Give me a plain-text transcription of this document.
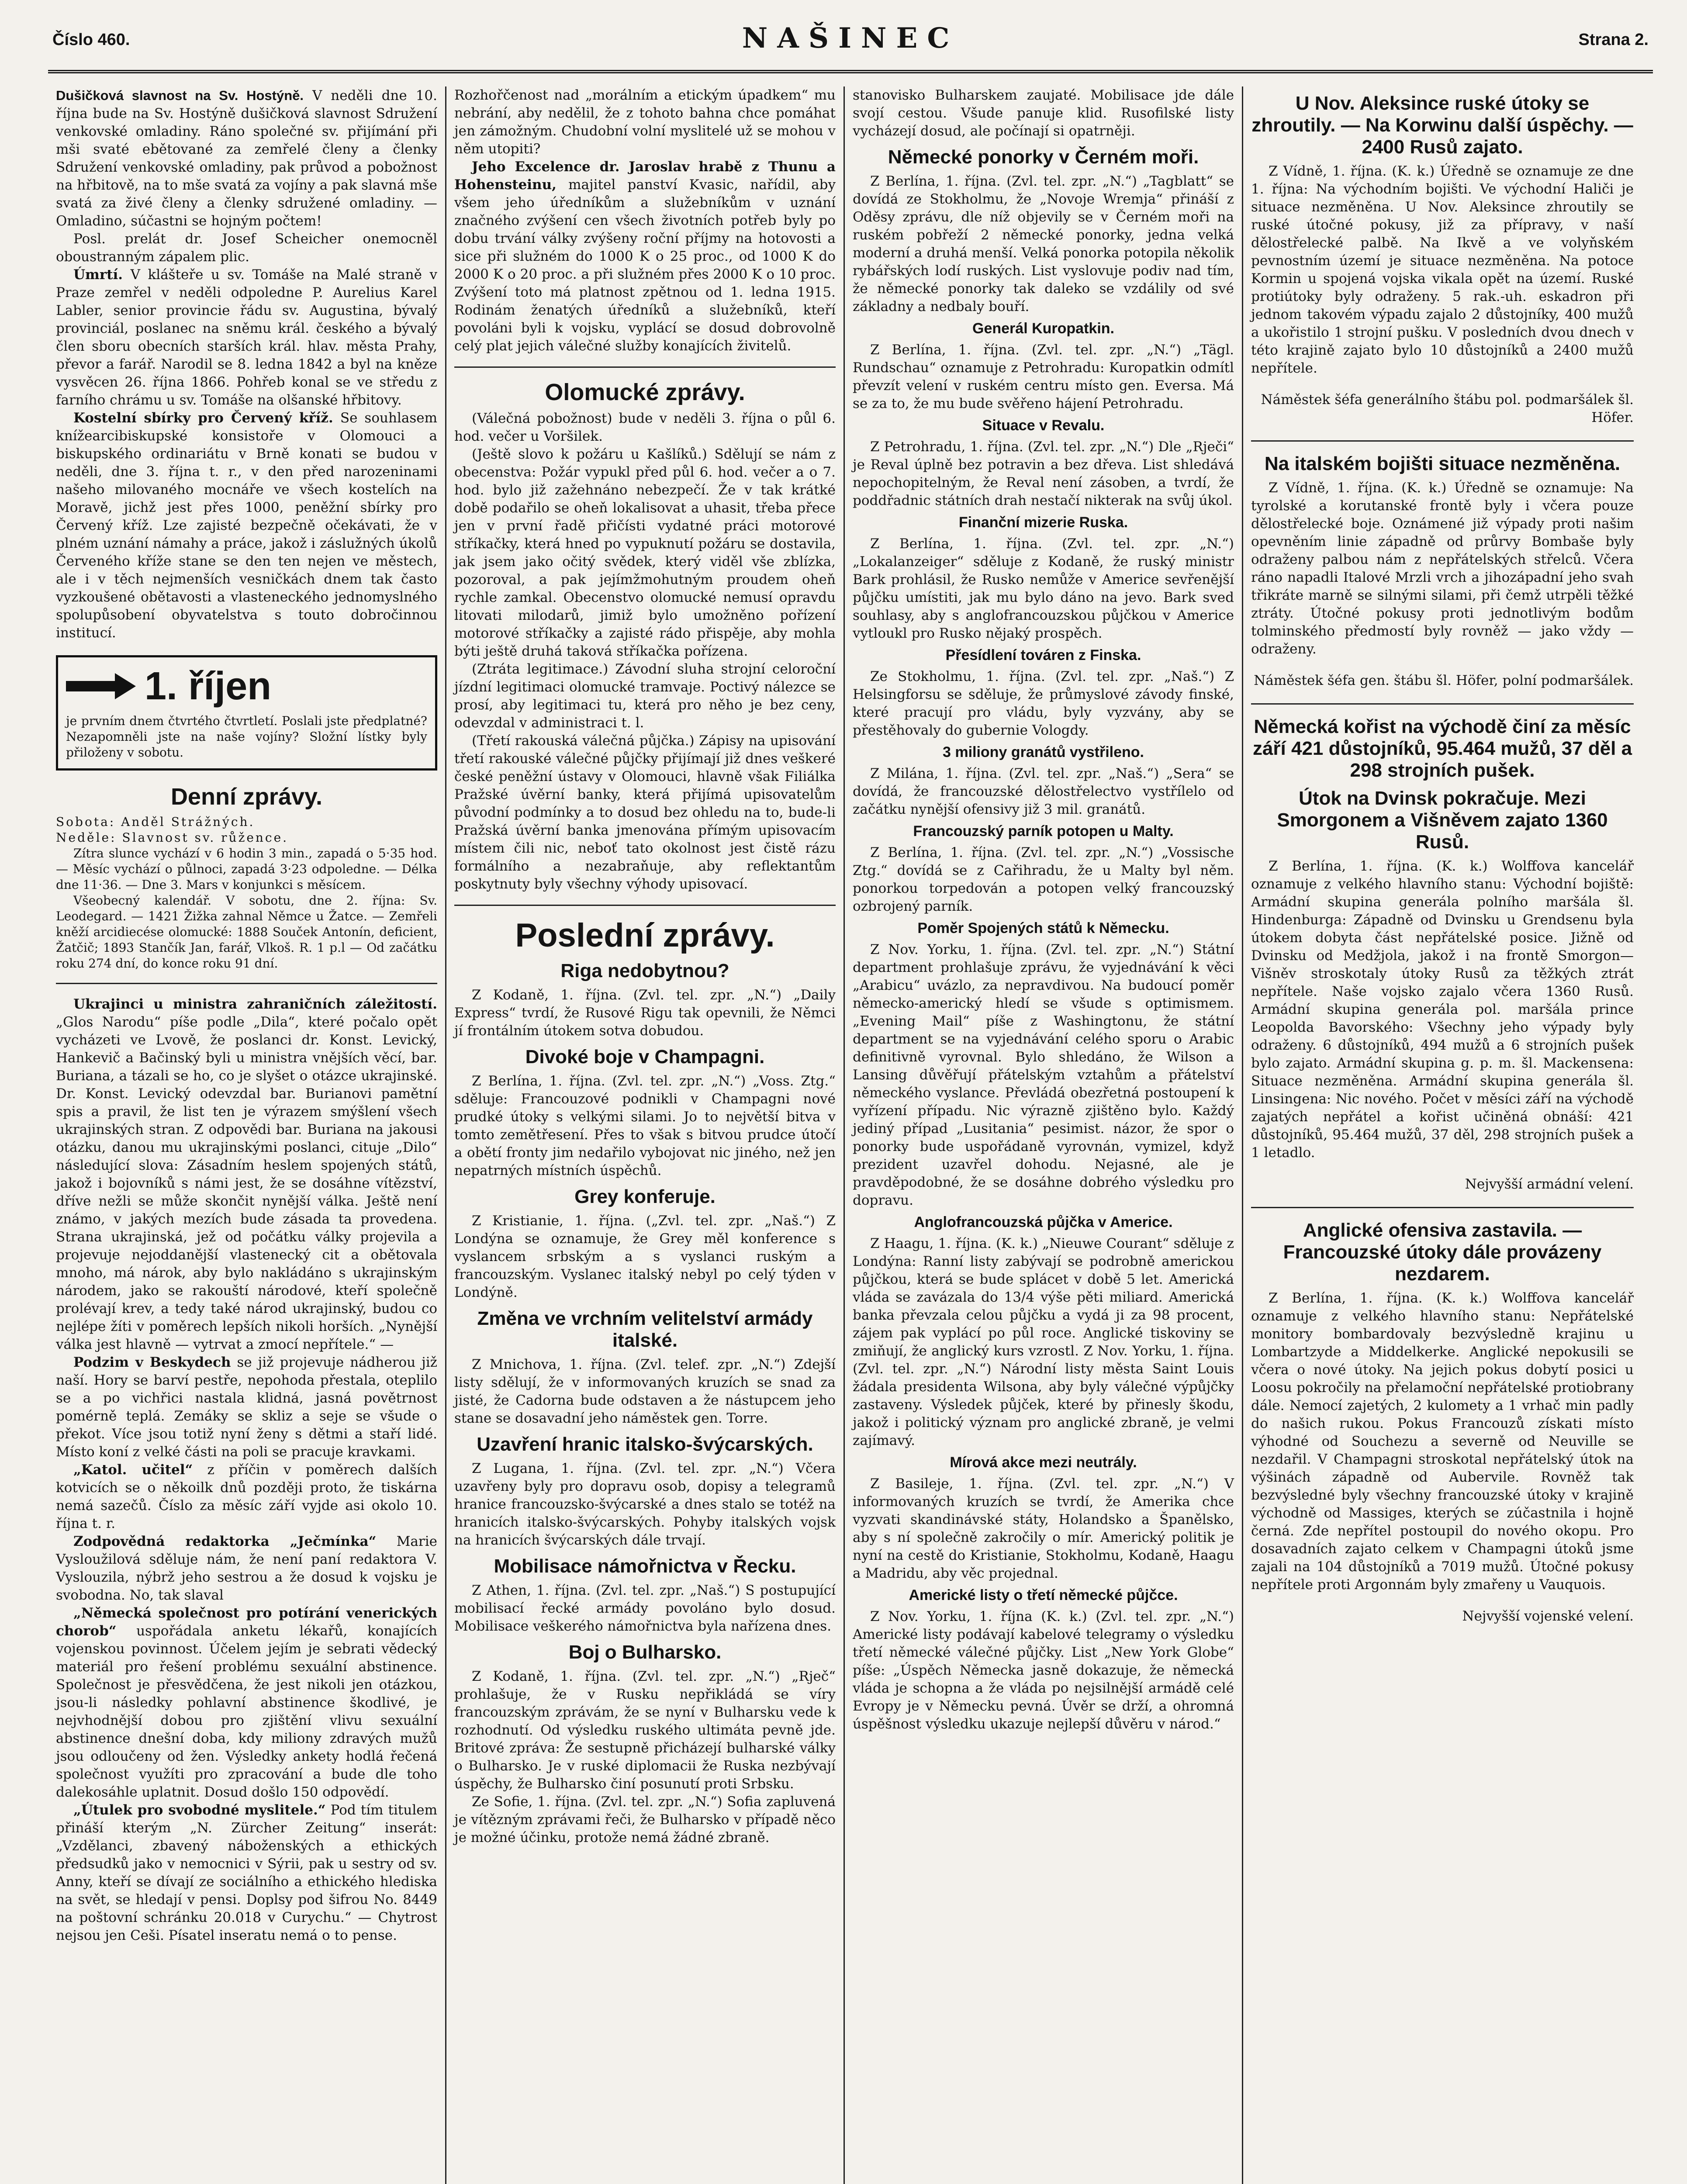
Číslo 460.	NAŠINEC	Strana 2.

Dušičková slavnost na Sv. Hostýně. V neděli dne 10. října bude na Sv. Hostýně dušičková slavnost Sdružení venkovské omladiny. Ráno společné sv. přijímání při mši svaté ebětované za zemřelé členy a členky Sdružení venkovské omladiny, pak průvod a pobožnost na hřbitově, na to mše svatá za vojíny a pak slavná mše svatá za živé členy a členky sdružené omladiny. — Omladino, súčastni se hojným počtem!

Posl. prelát dr. Josef Scheicher onemocněl oboustranným zápalem plic.

Úmrtí. V klášteře u sv. Tomáše na Malé straně v Praze zemřel v neděli odpoledne P. Aurelius Karel Labler, senior provincie řádu sv. Augustina, bývalý provinciál, poslanec na sněmu král. českého a bývalý člen sboru obecních starších král. hlav. města Prahy, převor a farář. Narodil se 8. ledna 1842 a byl na kněze vysvěcen 26. října 1866. Pohřeb konal se ve středu z farního chrámu u sv. Tomáše na olšanské hřbitovy.

Kostelní sbírky pro Červený kříž. Se souhlasem knížearcibiskupské konsistoře v Olomouci a biskupského ordinariátu v Brně konati se budou v neděli, dne 3. října t. r., v den před narozeninami našeho milovaného mocnáře ve všech kostelích na Moravě, jichž jest přes 1000, peněžní sbírky pro Červený kříž. Lze zajisté bezpečně očekávati, že v plném uznání námahy a práce, jakož i záslužných úkolů Červeného kříže stane se den ten nejen ve městech, ale i v těch nejmenších vesničkách dnem tak často vyzkoušené obětavosti a vlasteneckého jednomyslného spolupůsobení obyvatelstva s touto dobročinnou institucí.

1. říjen

je prvním dnem čtvrtého čtvrtletí. Poslali jste předplatné? Nezapomněli jste na naše vojíny? Složní lístky byly přiloženy v sobotu.

Denní zprávy.

Sobota: Anděl Strážných.

Neděle: Slavnost sv. růžence.

Zítra slunce vychází v 6 hodin 3 min., zapadá o 5·35 hod. — Měsíc vychází o půlnoci, zapadá 3·23 odpoledne. — Délka dne 11·36. — Dne 3. Mars v konjunkci s měsícem.

Všeobecný kalendář. V sobotu, dne 2. října: Sv. Leodegard. — 1421 Žižka zahnal Němce u Žatce. — Zemřeli kněží arcidiecése olomucké: 1888 Souček Antonín, deficient, Žatčič; 1893 Stančík Jan, farář, Vlkoš. R. 1 p.l — Od začátku roku 274 dní, do konce roku 91 dní.

Ukrajinci u ministra zahraničních záležitostí. „Glos Narodu“ píše podle „Dila“, které počalo opět vycházeti ve Lvově, že poslanci dr. Konst. Levický, Hankevič a Bačinský byli u ministra vnějších věcí, bar. Buriana, a tázali se ho, co je slyšet o otázce ukrajinské. Dr. Konst. Levický odevzdal bar. Burianovi pamětní spis a pravil, že list ten je výrazem smýšlení všech ukrajinských stran. Z odpovědi bar. Buriana na jakousi otázku, danou mu ukrajinskými poslanci, cituje „Dilo“ následující slova: Zásadním heslem spojených států, jakož i bojovníků s námi jest, že se dosáhne vítězství, dříve nežli se může skončit nynější válka. Ještě není známo, v jakých mezích bude zásada ta provedena. Strana ukrajinská, jež od počátku války projevila a projevuje nejoddanější vlastenecký cit a obětovala mnoho, má nárok, aby bylo nakládáno s ukrajinským národem, jako se rakouští národové, kteří společně prolévají krev, a tedy také národ ukrajinský, budou co nejlépe žíti v poměrech lepších nikoli horších. „Nynější válka jest hlavně — vytrvat a zmocí nepřítele.“ —

Podzim v Beskydech se již projevuje nádherou již naší. Hory se barví pestře, nepohoda přestala, oteplilo se a po vichřici nastala klidná, jasná povětrnost pomérně teplá. Zemáky se skliz a seje se všude o překot. Více jsou totiž nyní ženy s dětmi a staří lidé. Místo koní z velké části na poli se pracuje kravkami.

„Katol. učitel“ z příčin v poměrech dalších kotvicích se o někoilk dnů později proto, že tiskárna nemá sazečů. Číslo za měsíc září vyjde asi okolo 10. října t. r.

Zodpovědná redaktorka „Ječmínka“ Marie Vysloužilová sděluje nám, že není paní redaktora V. Vyslouzila, nýbrž jeho sestrou a že dosud k vojsku je svobodna. No, tak slaval

„Německá společnost pro potírání venerických chorob“ uspořádala anketu lékařů, konajících vojenskou povinnost. Účelem jejím je sebrati vědecký materiál pro řešení problému sexuální abstinence. Společnost je přesvědčena, že jest nikoli jen otázkou, jsou-li následky pohlavní abstinence škodlivé, je nejvhodnější dobou pro zjištění vlivu sexuální abstinence dnešní doba, kdy miliony zdravých mužů jsou odloučeny od žen. Výsledky ankety hodlá řečená společnost využíti pro zpracování a bude dle toho dalekosáhle uplatnit. Dosud došlo 150 odpovědí.

„Útulek pro svobodné myslitele.“ Pod tím titulem přináší kterým „N. Zürcher Zeitung“ inserát: „Vzdělanci, zbavený náboženských a ethických předsudků jako v nemocnici v Sýrii, pak u sestry od sv. Anny, kteří se dívají ze sociálního a ethického hlediska na svět, se hledají v pensi. Doplsy pod šifrou No. 8449 na poštovní schránku 20.018 v Curychu.“ — Chytrost nejsou jen Ceši. Písatel inseratu nemá o to pense.

Rozhořčenost nad „morálním a etickým úpadkem“ mu nebrání, aby nedělil, že z tohoto bahna chce pomáhat jen zámožným. Chudobní volní myslitelé už se mohou v něm utopiti?

Jeho Excelence dr. Jaroslav hrabě z Thunu a Hohensteinu, majitel panství Kvasic, nařídil, aby všem jeho úředníkům a služebníkům v uznání značného zvýšení cen všech životních potřeb byly po dobu trvání války zvýšeny roční příjmy na hotovosti a sice při služném do 1000 K o 25 proc., od 1000 K do 2000 K o 20 proc. a při služném přes 2000 K o 10 proc. Zvýšení toto má platnost zpětnou od 1. ledna 1915. Rodinám ženatých úředníků a služebníků, kteří povoláni byli k vojsku, vyplácí se dosud dobrovolně celý plat jejich válečné služby konajících živitelů.

Olomucké zprávy.

(Válečná pobožnost) bude v neděli 3. října o půl 6. hod. večer u Voršilek.

(Ještě slovo k požáru u Kašlíků.) Sdělují se nám z obecenstva: Požár vypukl před půl 6. hod. večer a o 7. hod. bylo již zažehnáno nebezpečí. Že v tak krátké době podařilo se oheň lokalisovat a uhasit, třeba přece jen v první řadě přičísti vydatné práci motorové stříkačky, která hned po vypuknutí požáru se dostavila, jak jsem jako očitý svědek, který viděl vše zblízka, pozoroval, a pak jejímžmohutným proudem oheň rychle zamkal. Obecenstvo olomucké nemusí opravdu litovati milodarů, jimiž bylo umožněno pořízení motorové stříkačky a zajisté rádo přispěje, aby mohla býti ještě druhá taková stříkačka pořízena.

(Ztráta legitimace.) Závodní sluha strojní celoroční jízdní legitimaci olomucké tramvaje. Poctivý nálezce se prosí, aby legitimaci tu, která pro něho je bez ceny, odevzdal v administraci t. l.

(Třetí rakouská válečná půjčka.) Zápisy na upisování třetí rakouské válečné půjčky přijímají již dnes veškeré české peněžní ústavy v Olomouci, hlavně však Filiálka Pražské úvěrní banky, která přijímá upisovatelům původní podmínky a to dosud bez ohledu na to, bude-li Pražská úvěrní banka jmenována přímým upisovacím místem čili nic, neboť tato okolnost jest čistě rázu formálního a nezabraňuje, aby reflektantům poskytnuty byly všechny výhody upisovací.

Poslední zprávy.
Riga nedobytnou?

Z Kodaně, 1. října. (Zvl. tel. zpr. „N.“) „Daily Express“ tvrdí, že Rusové Rigu tak opevnili, že Němci jí frontálním útokem sotva dobudou.

Divoké boje v Champagni.

Z Berlína, 1. října. (Zvl. tel. zpr. „N.“) „Voss. Ztg.“ sděluje: Francouzové podnikli v Champagni nové prudké útoky s velkými silami. Jo to největší bitva v tomto zemětřesení. Přes to však s bitvou prudce útočí a obětí fronty jim nedařilo vybojovat nic jiného, než jen nepatrných místních úspěchů.

Grey konferuje.

Z Kristianie, 1. října. („Zvl. tel. zpr. „Naš.“) Z Londýna se oznamuje, že Grey měl konference s vyslancem srbským a s vyslanci ruským a francouzským. Vyslanec italský nebyl po celý týden v Londýně.

Změna ve vrchním velitelství armády italské.

Z Mnichova, 1. října. (Zvl. telef. zpr. „N.“) Zdejší listy sdělují, že v informovaných kruzích se snad za jisté, že Cadorna bude odstaven a že nástupcem jeho stane se dosavadní jeho náměstek gen. Torre.

Uzavření hranic italsko-švýcarských.

Z Lugana, 1. října. (Zvl. tel. zpr. „N.“) Včera uzavřeny byly pro dopravu osob, dopisy a telegramů hranice francouzsko-švýcarské a dnes stalo se totéž na hranicích italsko-švýcarských. Pohyby italských vojsk na hranicích švýcarských dále trvají.

Mobilisace námořnictva v Řecku.

Z Athen, 1. října. (Zvl. tel. zpr. „Naš.“) S postupující mobilisací řecké armády povoláno bylo dosud. Mobilisace veškerého námořnictva byla nařízena dnes.

Boj o Bulharsko.

Z Kodaně, 1. října. (Zvl. tel. zpr. „N.“) „Rječ“ prohlašuje, že v Rusku nepřikládá se víry francouzským zprávám, že se nyní v Bulharsku vede k rozhodnutí. Od výsledku ruského ultimáta pevně jde. Britové zpráva: Že sestupně přicházejí bulharské války o Bulharsko. Je v ruské diplomacii že Ruska nezbývají úspěchy, že Bulharsko činí posunutí proti Srbsku.

Ze Sofie, 1. října. (Zvl. tel. zpr. „N.“) Sofia zapluvená je vítězným zprávami řeči, že Bulharsko v případě něco je možné účinku, protože nemá žádné zbraně.

stanovisko Bulharskem zaujaté. Mobilisace jde dále svojí cestou. Všude panuje klid. Rusofilské listy vycházejí dosud, ale počínají si opatrněji.

Německé ponorky v Černém moři.

Z Berlína, 1. října. (Zvl. tel. zpr. „N.“) „Tagblatt“ se dovídá ze Stokholmu, že „Novoje Wremja“ přináší z Oděsy zprávu, dle níž objevily se v Černém moři na ruském pobřeží 2 německé ponorky, jedna velká moderní a druhá menší. Velká ponorka potopila několik rybářských lodí ruských. List vyslovuje podiv nad tím, že německé ponorky tak daleko se vzdálily od své základny a nedbaly bouří.

Generál Kuropatkin.

Z Berlína, 1. října. (Zvl. tel. zpr. „N.“) „Tägl. Rundschau“ oznamuje z Petrohradu: Kuropatkin odmítl převzít velení v ruském centru místo gen. Eversa. Má se za to, že mu bude svěřeno hájení Petrohradu.

Situace v Revalu.

Z Petrohradu, 1. října. (Zvl. tel. zpr. „N.“) Dle „Rječi“ je Reval úplně bez potravin a bez dřeva. List shledává nepochopitelným, že Reval není zásoben, a tvrdí, že poddřadnic státních drah nestačí nikterak na svůj úkol.

Finanční mizerie Ruska.

Z Berlína, 1. října. (Zvl. tel. zpr. „N.“) „Lokalanzeiger“ sděluje z Kodaně, že ruský ministr Bark prohlásil, že Rusko nemůže v Americe sevřenější půjčku umístiti, jak mu bylo dáno na jevo. Bark sved souhlasy, aby s anglofrancouzskou půjčkou v Americe vytloukl pro Rusko nějaký prospěch.

Přesídlení továren z Finska.

Ze Stokholmu, 1. října. (Zvl. tel. zpr. „Naš.“) Z Helsingforsu se sděluje, že průmyslové závody finské, které pracují pro vládu, byly vyzvány, aby se přestěhovaly do gubernie Vologdy.

3 miliony granátů vystřileno.

Z Milána, 1. října. (Zvl. tel. zpr. „Naš.“) „Sera“ se dovídá, že francouzské dělostřelectvo vystřílelo od začátku nynější ofensivy již 3 mil. granátů.

Francouzský parník potopen u Malty.

Z Berlína, 1. října. (Zvl. tel. zpr. „N.“) „Vossische Ztg.“ dovídá se z Cařihradu, že u Malty byl něm. ponorkou torpedován a potopen velký francouzský ozbrojený parník.

Poměr Spojených států k Německu.

Z Nov. Yorku, 1. října. (Zvl. tel. zpr. „N.“) Státní department prohlašuje zprávu, že vyjednávání k věci „Arabicu“ uvázlo, za nepravdivou. Na budoucí poměr německo-americký hledí se všude s optimismem. „Evening Mail“ píše z Washingtonu, že státní department se na vyjednávání celého sporu o Arabic definitivně vyrovnal. Bylo shledáno, že Wilson a Lansing důvěřují přátelským vztahům a přátelství německého vyslance. Převládá obezřetná postoupení k vyřízení případu. Nic výrazně zjištěno bylo. Každý jediný případ „Lusitania“ pesimist. názor, že spor o ponorky bude uspořádaně vyrovnán, vymizel, když prezident uzavřel dohodu. Nejasné, ale je pravděpodobné, že se dosáhne dobrého výsledku pro dopravu.

Anglofrancouzská půjčka v Americe.

Z Haagu, 1. října. (K. k.) „Nieuwe Courant“ sděluje z Londýna: Ranní listy zabývají se podrobně americkou půjčkou, která se bude splácet v době 5 let. Americká vláda se zavázala do 13/4 výše pěti miliard. Americká banka převzala celou půjčku a vydá ji za 98 procent, zájem pak vyplácí po půl roce. Anglické tiskoviny se zmiňují, že anglický kurs vzrostl. Z Nov. Yorku, 1. října. (Zvl. tel. zpr. „N.“) Národní listy města Saint Louis žádala presidenta Wilsona, aby byly válečné výpůjčky zastaveny. Výsledek půjček, které by přinesly škodu, jakož i politický význam pro anglické zbraně, je velmi zajímavý.

Mírová akce mezi neutrály.

Z Basileje, 1. října. (Zvl. tel. zpr. „N.“) V informovaných kruzích se tvrdí, že Amerika chce vyzvati skandinávské státy, Holandsko a Španělsko, aby s ní společně zakročily o mír. Americký politik je nyní na cestě do Kristianie, Stokholmu, Kodaně, Haagu a Madridu, aby věc projednal.

Americké listy o třetí německé půjčce.

Z Nov. Yorku, 1. října (K. k.) (Zvl. tel. zpr. „N.“) Americké listy podávají kabelové telegramy o výsledku třetí německé válečné půjčky. List „New York Globe“ píše: „Úspěch Německa jasně dokazuje, že německá vláda je schopna a že vláda po nejsilnější armádě celé Evropy je v Německu pevná. Úvěr se drží, a ohromná úspěšnost výsledku ukazuje nejlepší důvěru v národ.“

U Nov. Aleksince ruské útoky se zhroutily. — Na Korwinu další úspěchy. — 2400 Rusů zajato.

Z Vídně, 1. října. (K. k.) Úředně se oznamuje ze dne 1. října: Na východním bojišti. Ve východní Haliči je situace nezměněna. U Nov. Aleksince zhroutily se ruské útočné pokusy, již za přípravy, v naší dělostřelecké palbě. Na Ikvě a ve volyňském pevnostním území je situace nezměněna. Na potoce Kormin u spojená vojska vikala opět na území. Ruské protiútoky byly odraženy. 5 rak.-uh. eskadron při jednom takovém výpadu zajalo 2 důstojníky, 400 mužů a ukořistilo 1 strojní pušku. V posledních dvou dnech v této krajině zajato bylo 10 důstojníků a 2400 mužů nepřítele.

Náměstek šéfa generálního štábu pol. podmaršálek šl. Höfer.

Na italském bojišti situace nezměněna.

Z Vídně, 1. října. (K. k.) Úředně se oznamuje: Na tyrolské a korutanské frontě byly i včera pouze dělostřelecké boje. Oznámené již výpady proti našim opevněním linie západně od průrvy Bombaše byly odraženy palbou nám z nepřátelských střelců. Včera ráno napadli Italové Mrzli vrch a jihozápadní jeho svah třikráte marně se silnými silami, při čemž utrpěli těžké ztráty. Útočné pokusy proti jednotlivým bodům tolminského předmostí byly rovněž — jako vždy — odraženy.

Náměstek šéfa gen. štábu šl. Höfer, polní podmaršálek.

Německá kořist na východě činí za měsíc září 421 důstojníků, 95.464 mužů, 37 děl a 298 strojních pušek.
Útok na Dvinsk pokračuje. Mezi Smorgonem a Višněvem zajato 1360 Rusů.

Z Berlína, 1. října. (K. k.) Wolffova kancelář oznamuje z velkého hlavního stanu: Východní bojiště: Armádní skupina generála polního maršála šl. Hindenburga: Západně od Dvinsku u Grendsenu byla útokem dobyta část nepřátelské posice. Jižně od Dvinsku od Medžjola, jakož i na frontě Smorgon—Višněv stroskotaly útoky Rusů za těžkých ztrát nepřítele. Naše vojsko zajalo včera 1360 Rusů. Armádní skupina generála pol. maršála prince Leopolda Bavorského: Všechny jeho výpady byly odraženy. 6 důstojníků, 494 mužů a 6 strojních pušek bylo zajato. Armádní skupina g. p. m. šl. Mackensena: Situace nezměněna. Armádní skupina generála šl. Linsingena: Nic nového. Počet v měsíci září na východě zajatých nepřátel a kořist učiněná obnáší: 421 důstojníků, 95.464 mužů, 37 děl, 298 strojních pušek a 1 letadlo.

Nejvyšší armádní velení.

Anglické ofensiva zastavila. — Francouzské útoky dále provázeny nezdarem.

Z Berlína, 1. října. (K. k.) Wolffova kancelář oznamuje z velkého hlavního stanu: Nepřátelské monitory bombardovaly bezvýsledně krajinu u Lombartzyde a Middelkerke. Anglické nepokusili se včera o nové útoky. Na jejich pokus dobytí posici u Loosu pokročily na přelamoční nepřátelské protiobrany dále. Nemocí zajetých, 2 kulomety a 1 vrhač min padly do našich rukou. Pokus Francouzů získati místo výhodné od Souchezu a severně od Neuville se nezdařil. V Champagni stroskotal nepřátelský útok na výšinách západně od Aubervile. Rovněž tak bezvýsledné byly všechny francouzské útoky v krajině východně od Massiges, kterých se zúčastnila i hojně černá. Zde nepřítel postoupil do nového okopu. Pro dosavadních zajato celkem v Champagni útoků jsme zajali na 104 důstojníků a 7019 mužů. Útočné pokusy nepřítele proti Argonnám byly zmařeny u Vauquois.

Nejvyšší vojenské velení.
